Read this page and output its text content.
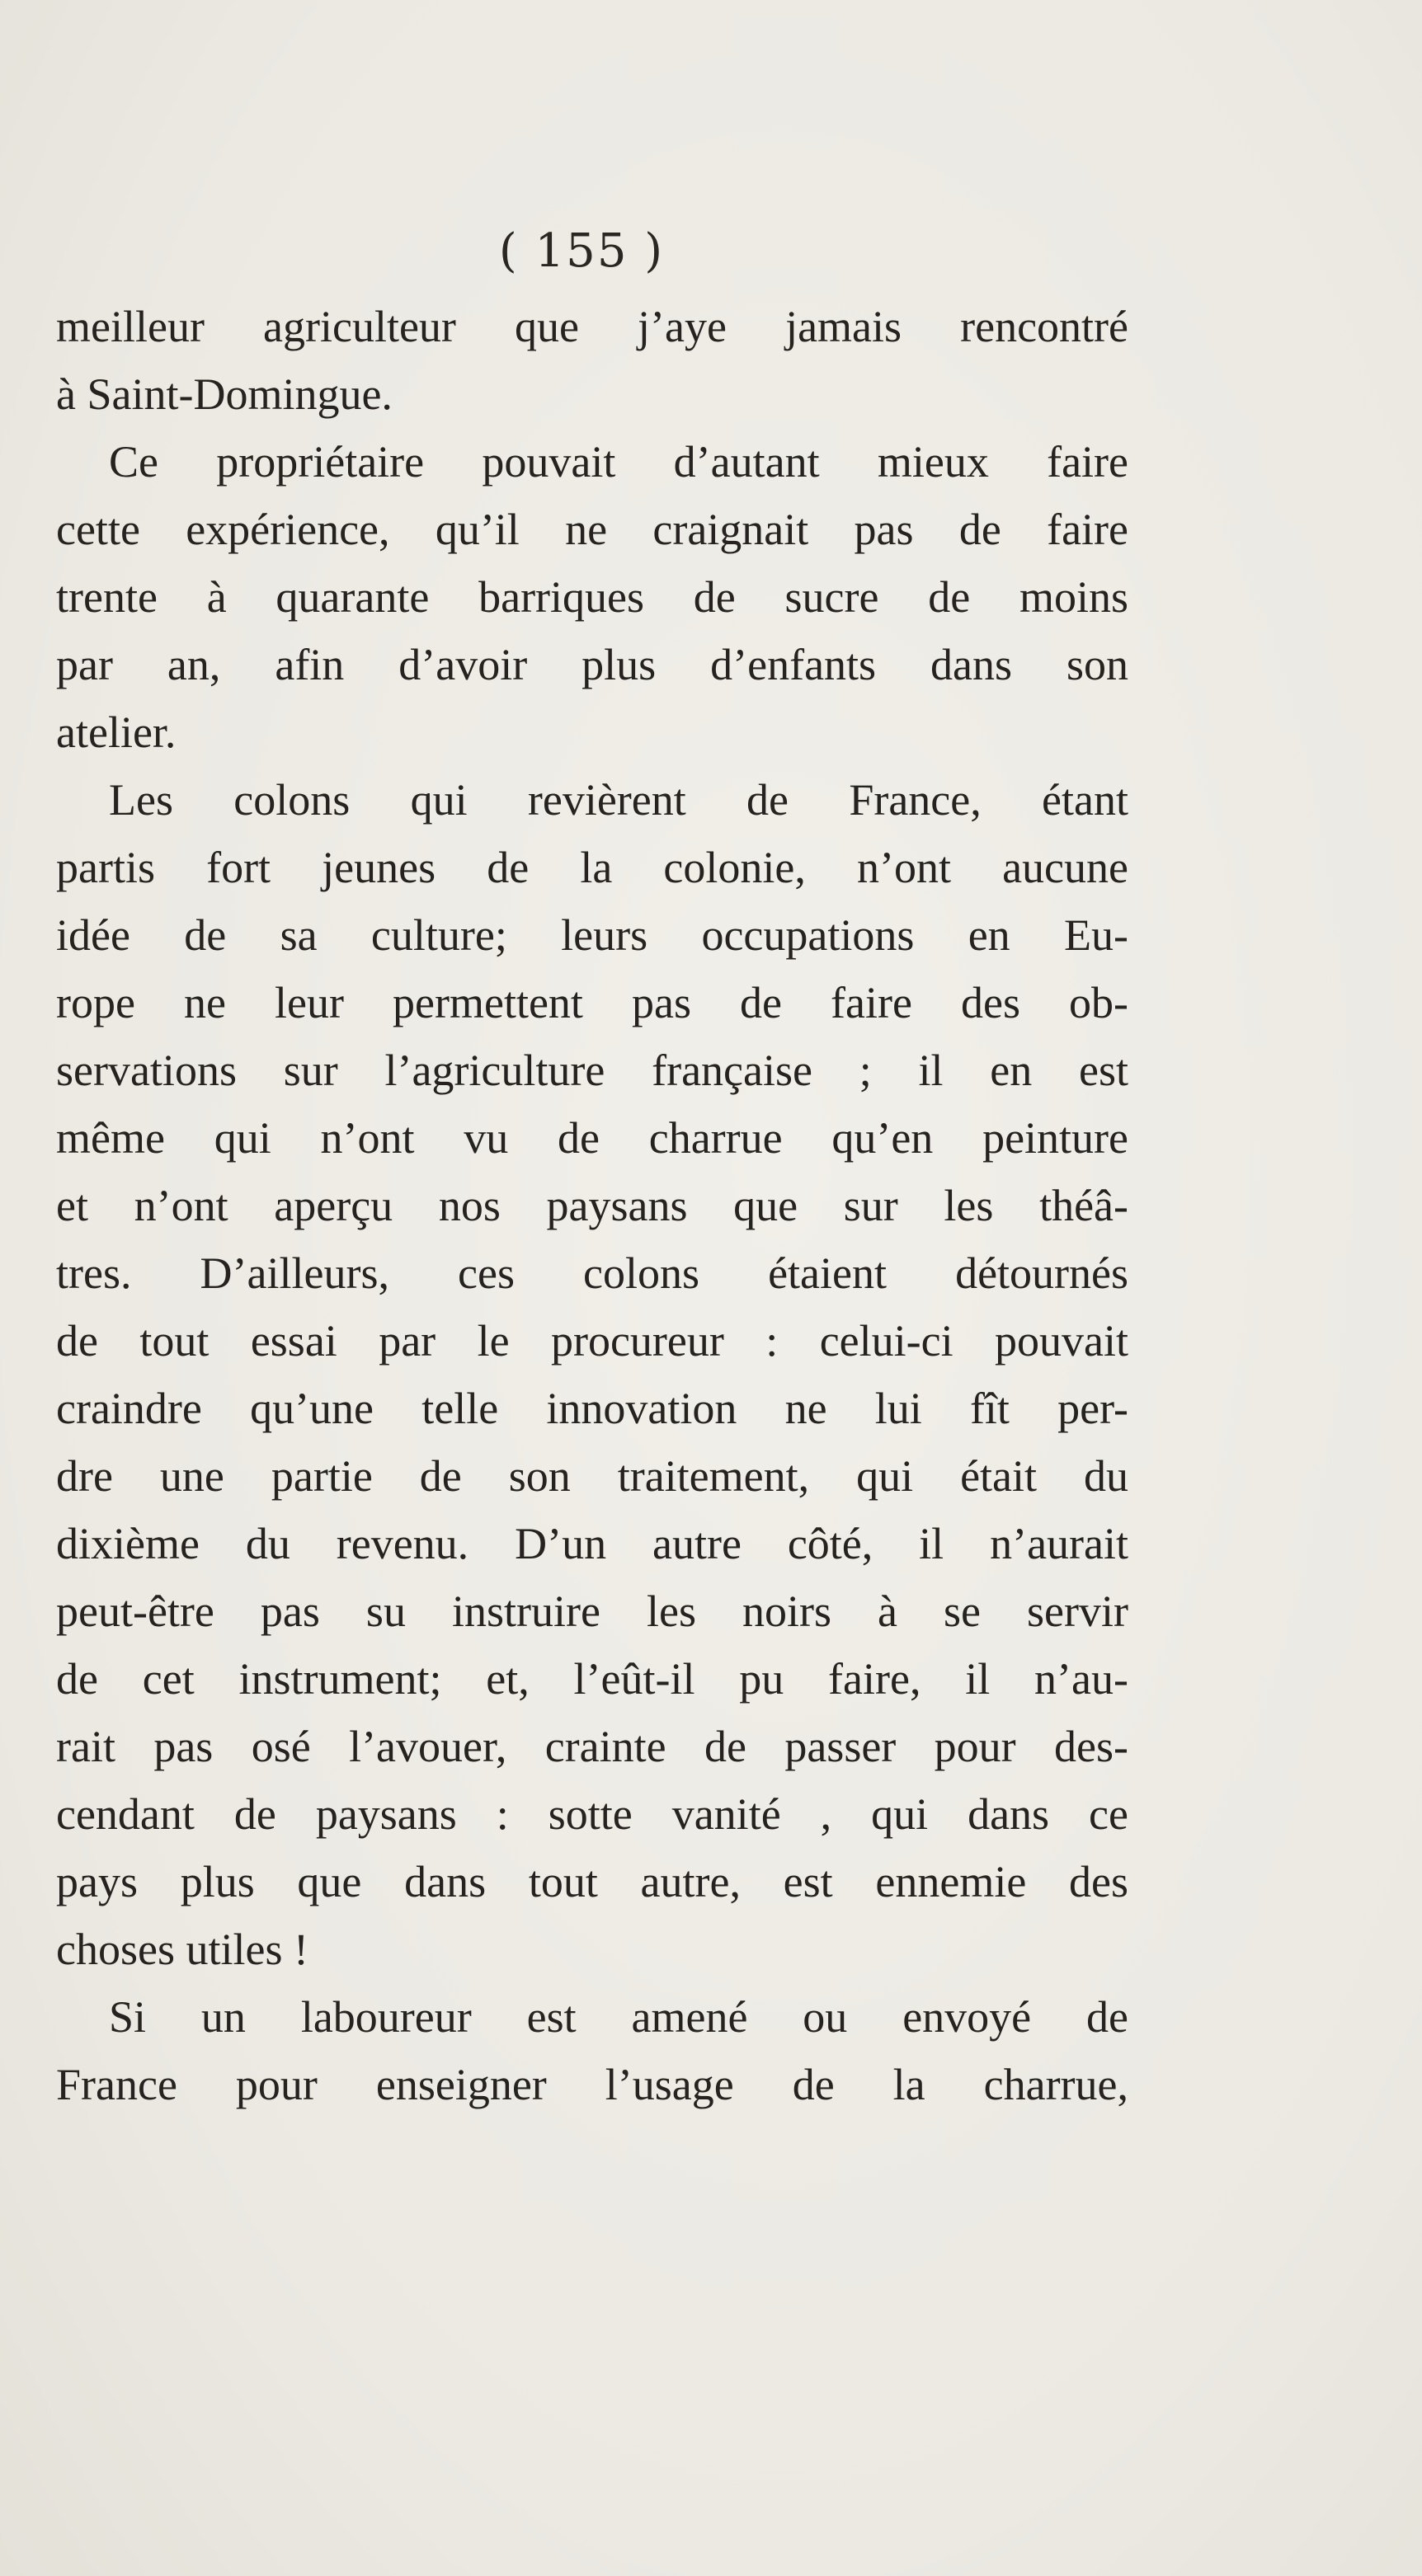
( 155 )
meilleur agriculteur que j’aye jamais rencontré
à Saint-Domingue.
Ce propriétaire pouvait d’autant mieux faire
cette expérience, qu’il ne craignait pas de faire
trente à quarante barriques de sucre de moins
par an, afin d’avoir plus d’enfants dans son
atelier.
Les colons qui revièrent de France, étant
partis fort jeunes de la colonie, n’ont aucune
idée de sa culture; leurs occupations en Eu-
rope ne leur permettent pas de faire des ob-
servations sur l’agriculture française ; il en est
même qui n’ont vu de charrue qu’en peinture
et n’ont aperçu nos paysans que sur les théâ-
tres. D’ailleurs, ces colons étaient détournés
de tout essai par le procureur : celui-ci pouvait
craindre qu’une telle innovation ne lui fît per-
dre une partie de son traitement, qui était du
dixième du revenu. D’un autre côté, il n’aurait
peut-être pas su instruire les noirs à se servir
de cet instrument; et, l’eût-il pu faire, il n’au-
rait pas osé l’avouer, crainte de passer pour des-
cendant de paysans : sotte vanité , qui dans ce
pays plus que dans tout autre, est ennemie des
choses utiles !
Si un laboureur est amené ou envoyé de
France pour enseigner l’usage de la charrue,
